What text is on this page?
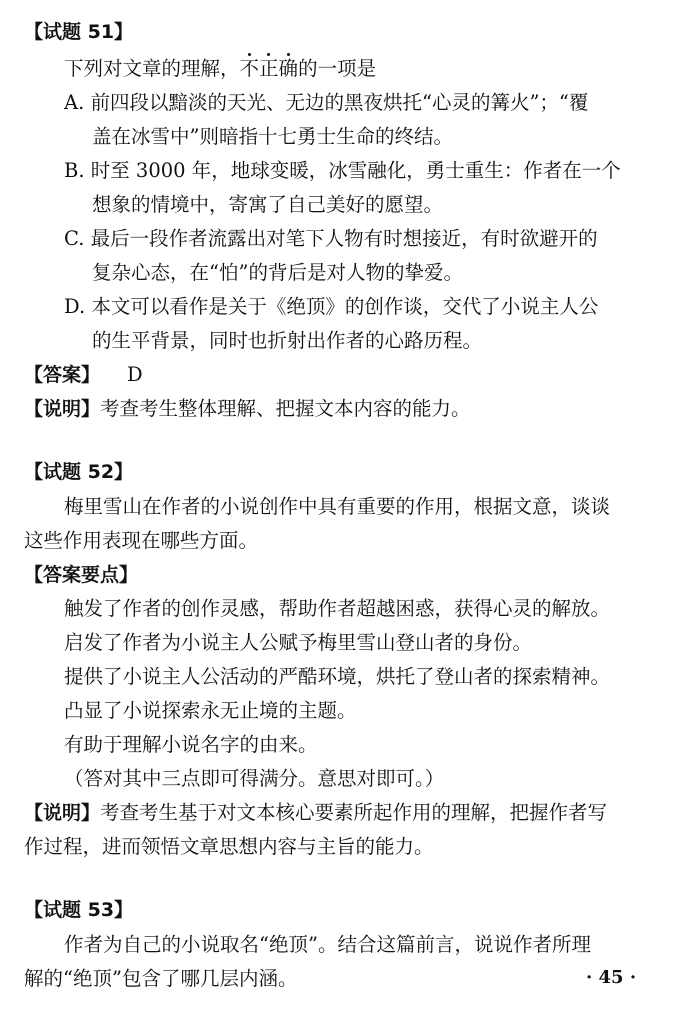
【试题 51】
下列对文章的理解，不正确的一项是
A. 前四段以黯淡的天光、无边的黑夜烘托“心灵的篝火”；“覆
盖在冰雪中”则暗指十七勇士生命的终结。
B. 时至 3000 年，地球变暖，冰雪融化，勇士重生：作者在一个
想象的情境中，寄寓了自己美好的愿望。
C. 最后一段作者流露出对笔下人物有时想接近，有时欲避开的
复杂心态，在“怕”的背后是对人物的挚爱。
D. 本文可以看作是关于《绝顶》的创作谈，交代了小说主人公
的生平背景，同时也折射出作者的心路历程。
【答案】 D
【说明】 考查考生整体理解、把握文本内容的能力。
【试题 52】
梅里雪山在作者的小说创作中具有重要的作用，根据文意，谈谈
这些作用表现在哪些方面。
【答案要点】
触发了作者的创作灵感，帮助作者超越困惑，获得心灵的解放。
启发了作者为小说主人公赋予梅里雪山登山者的身份。
提供了小说主人公活动的严酷环境，烘托了登山者的探索精神。
凸显了小说探索永无止境的主题。
有助于理解小说名字的由来。
（答对其中三点即可得满分。意思对即可。）
【说明】 考查考生基于对文本核心要素所起作用的理解，把握作者写
作过程，进而领悟文章思想内容与主旨的能力。
【试题 53】
作者为自己的小说取名“绝顶”。结合这篇前言，说说作者所理
解的“绝顶”包含了哪几层内涵。	· 45 ·
